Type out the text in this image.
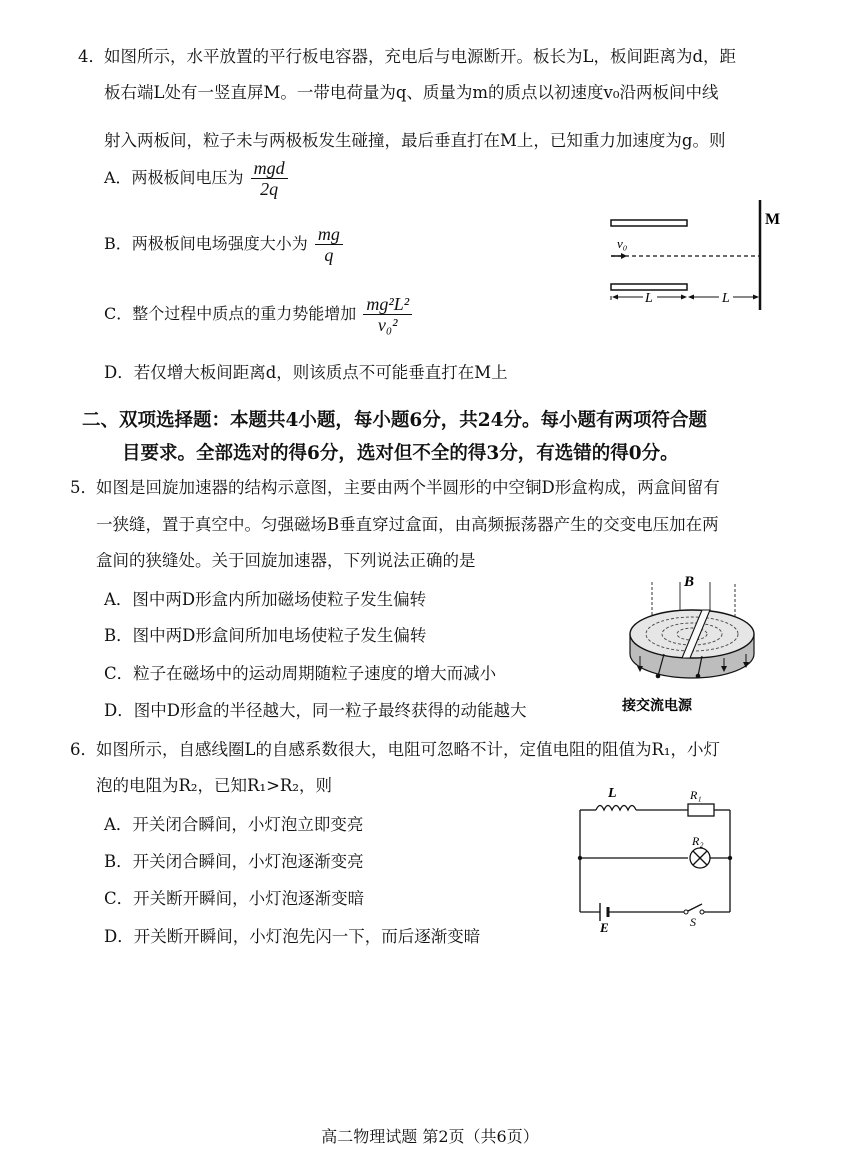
4． 如图所示，水平放置的平行板电容器，充电后与电源断开。板长为L，板间距离为d，距
板右端L处有一竖直屏M。一带电荷量为q、质量为m的质点以初速度v₀沿两板间中线
射入两板间，粒子未与两极板发生碰撞，最后垂直打在M上，已知重力加速度为g。则
A．两极板间电压为 $\frac{\text{mgd}}{2q}$
B．两极板间电场强度大小为 $\frac{mg}{q}$
C．整个过程中质点的重力势能增加 $\frac{\text{mg²L²}}{\text{v₀²}}$
D．若仅增大板间距离d，则该质点不可能垂直打在M上
v₀
M
L	L
二、双项选择题：本题共4小题，每小题6分，共24分。每小题有两项符合题
目要求。全部选对的得6分，选对但不全的得3分，有选错的得0分。
5． 如图是回旋加速器的结构示意图，主要由两个半圆形的中空铜D形盒构成，两盒间留有
一狭缝，置于真空中。匀强磁场B垂直穿过盒面，由高频振荡器产生的交变电压加在两
盒间的狭缝处。关于回旋加速器，下列说法正确的是
A．图中两D形盒内所加磁场使粒子发生偏转
B．图中两D形盒间所加电场使粒子发生偏转
C．粒子在磁场中的运动周期随粒子速度的增大而减小
D．图中D形盒的半径越大，同一粒子最终获得的动能越大
B
接交流电源
6． 如图所示，自感线圈L的自感系数很大，电阻可忽略不计，定值电阻的阻值为R₁，小灯
泡的电阻为R₂，已知R₁>R₂，则
A．开关闭合瞬间，小灯泡立即变亮
B．开关闭合瞬间，小灯泡逐渐变亮
C．开关断开瞬间，小灯泡逐渐变暗
D．开关断开瞬间，小灯泡先闪一下，而后逐渐变暗
L	R₁
R₂
E	S
高二物理试题 第2页（共6页）
